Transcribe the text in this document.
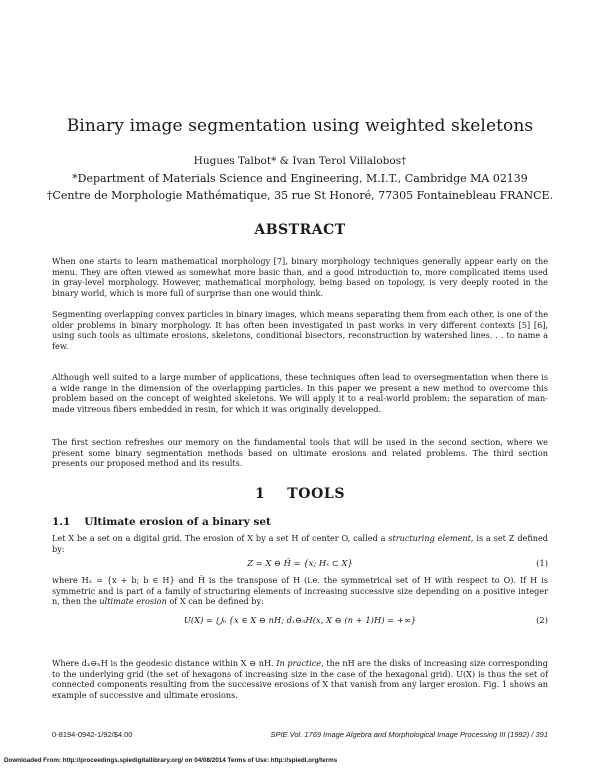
Binary image segmentation using weighted skeletons
Hugues Talbot* & Ivan Terol Villalobos†
*Department of Materials Science and Engineering, M.I.T., Cambridge MA 02139
†Centre de Morphologie Mathématique, 35 rue St Honoré, 77305 Fontainebleau FRANCE.
ABSTRACT
When one starts to learn mathematical morphology [7], binary morphology techniques generally appear early on the menu. They are often viewed as somewhat more basic than, and a good introduction to, more complicated items used in gray-level morphology. However, mathematical morphology, being based on topology, is very deeply rooted in the binary world, which is more full of surprise than one would think.
Segmenting overlapping convex particles in binary images, which means separating them from each other, is one of the older problems in binary morphology. It has often been investigated in past works in very different contexts [5] [6], using such tools as ultimate erosions, skeletons, conditional bisectors, reconstruction by watershed lines. . . to name a few.
Although well suited to a large number of applications, these techniques often lead to oversegmentation when there is a wide range in the dimension of the overlapping particles. In this paper we present a new method to overcome this problem based on the concept of weighted skeletons. We will apply it to a real-world problem: the separation of man-made vitreous fibers embedded in resin, for which it was originally developped.
The first section refreshes our memory on the fundamental tools that will be used in the second section, where we present some binary segmentation methods based on ultimate erosions and related problems. The third section presents our proposed method and its results.
1 TOOLS
1.1 Ultimate erosion of a binary set
Let X be a set on a digital grid. The erosion of X by a set H of center O, called a structuring element, is a set Z defined by:
Z = X ⊖ Ĥ = {x; Hₓ ⊂ X}	(1)
where Hₓ = {x + b; b ∈ H} and Ĥ is the transpose of H (i.e. the symmetrical set of H with respect to O). If H is symmetric and is part of a family of structuring elements of increasing successive size depending on a positive integer n, then the ultimate erosion of X can be defined by:
U(X) = ⋃ₙ {x ∈ X ⊖ nH; dₓ⊖ₙH(x, X ⊖ (n + 1)H) = +∞}	(2)
Where dₓ⊖ₙH is the geodesic distance within X ⊖ nH. In practice, the nH are the disks of increasing size corresponding to the underlying grid (the set of hexagons of increasing size in the case of the hexagonal grid). U(X) is thus the set of connected components resulting from the successive erosions of X that vanish from any larger erosion. Fig. 1 shows an example of successive and ultimate erosions.
0-8194-0942-1/92/$4.00	SPIE Vol. 1769 Image Algebra and Morphological Image Processing III (1992) / 391
Downloaded From: http://proceedings.spiedigitallibrary.org/ on 04/08/2014 Terms of Use: http://spiedl.org/terms
